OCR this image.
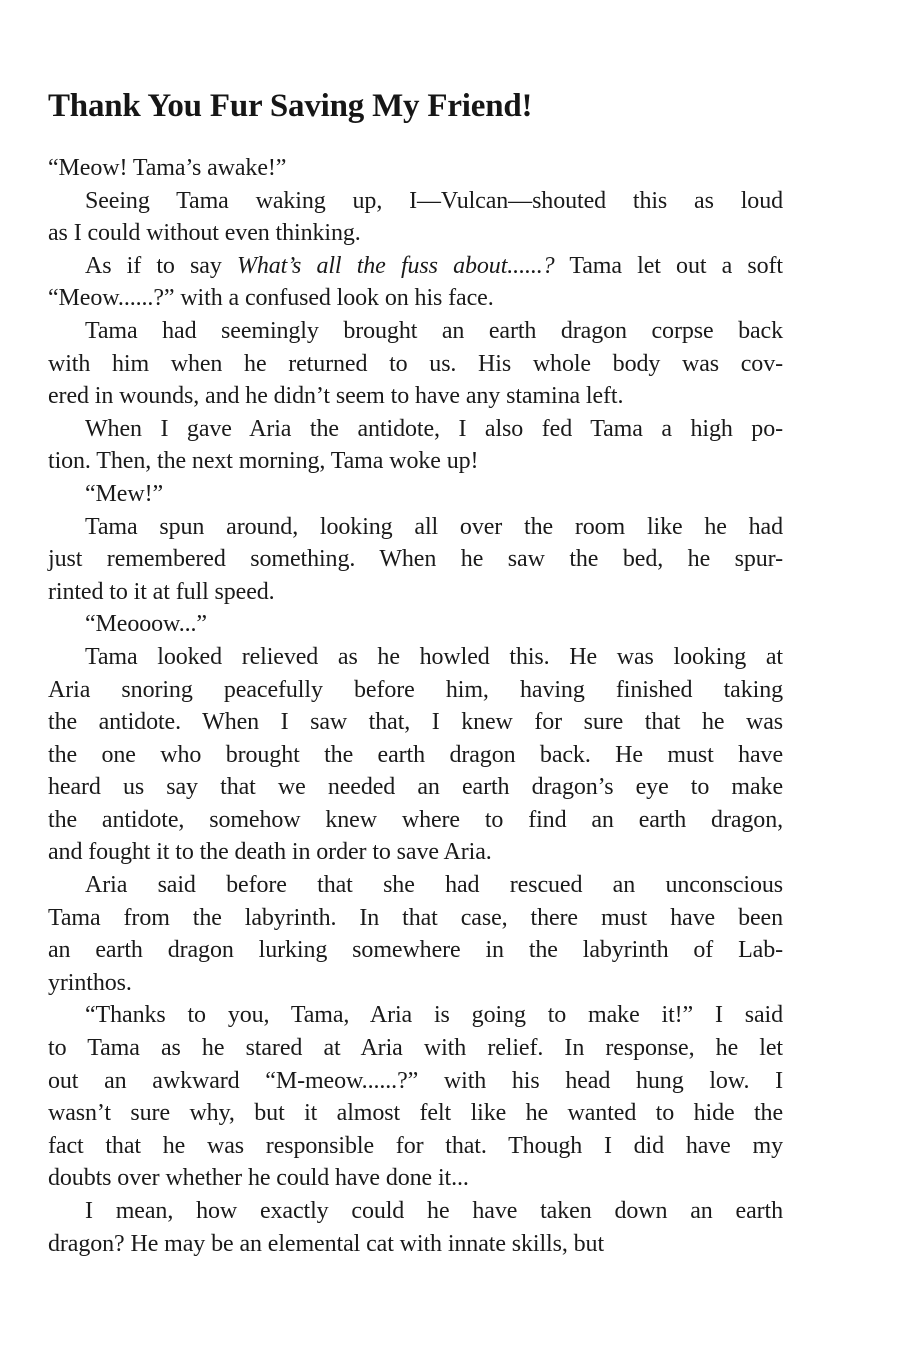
Thank You Fur Saving My Friend!
“Meow! Tama’s awake!”
Seeing Tama waking up, I—Vulcan—shouted this as loud
as I could without even thinking.
As if to say What’s all the fuss about......? Tama let out a soft
“Meow......?” with a confused look on his face.
Tama had seemingly brought an earth dragon corpse back
with him when he returned to us. His whole body was cov-
ered in wounds, and he didn’t seem to have any stamina left.
When I gave Aria the antidote, I also fed Tama a high po-
tion. Then, the next morning, Tama woke up!
“Mew!”
Tama spun around, looking all over the room like he had
just remembered something. When he saw the bed, he spur-
rinted to it at full speed.
“Meooow...”
Tama looked relieved as he howled this. He was looking at
Aria snoring peacefully before him, having finished taking
the antidote. When I saw that, I knew for sure that he was
the one who brought the earth dragon back. He must have
heard us say that we needed an earth dragon’s eye to make
the antidote, somehow knew where to find an earth dragon,
and fought it to the death in order to save Aria.
Aria said before that she had rescued an unconscious
Tama from the labyrinth. In that case, there must have been
an earth dragon lurking somewhere in the labyrinth of Lab-
yrinthos.
“Thanks to you, Tama, Aria is going to make it!” I said
to Tama as he stared at Aria with relief. In response, he let
out an awkward “M-meow......?” with his head hung low. I
wasn’t sure why, but it almost felt like he wanted to hide the
fact that he was responsible for that. Though I did have my
doubts over whether he could have done it...
I mean, how exactly could he have taken down an earth
dragon? He may be an elemental cat with innate skills, but
